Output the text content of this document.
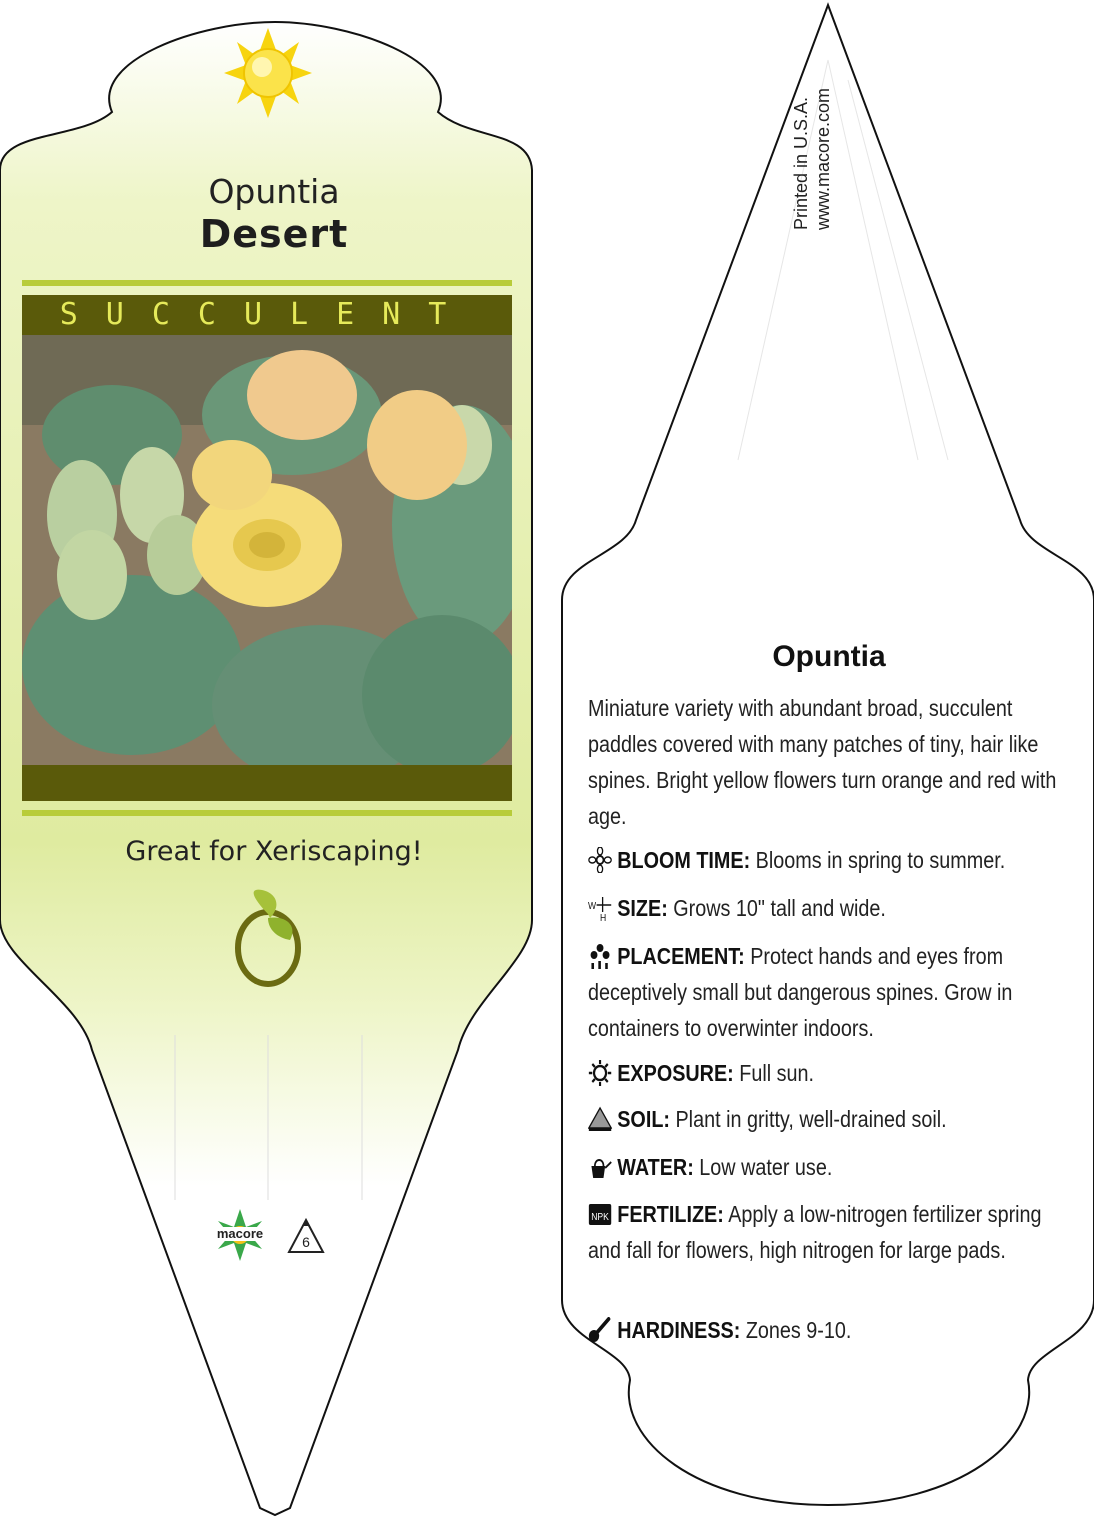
Opuntia
Desert
SUCCULENT
Great for Xeriscaping!
macore
6
Printed in U.S.A. www.macore.com
Opuntia
Miniature variety with abundant broad, succulent paddles covered with many patches of tiny, hair like spines. Bright yellow flowers turn orange and red with age.
BLOOM TIME: Blooms in spring to summer.
W
H SIZE: Grows 10" tall and wide.
PLACEMENT: Protect hands and eyes from deceptively small but dangerous spines. Grow in containers to overwinter indoors.
EXPOSURE: Full sun.
SOIL: Plant in gritty, well-drained soil.
WATER: Low water use.
NPK FERTILIZE: Apply a low-nitrogen fertilizer spring and fall for flowers, high nitrogen for large pads.
HARDINESS: Zones 9-10.
